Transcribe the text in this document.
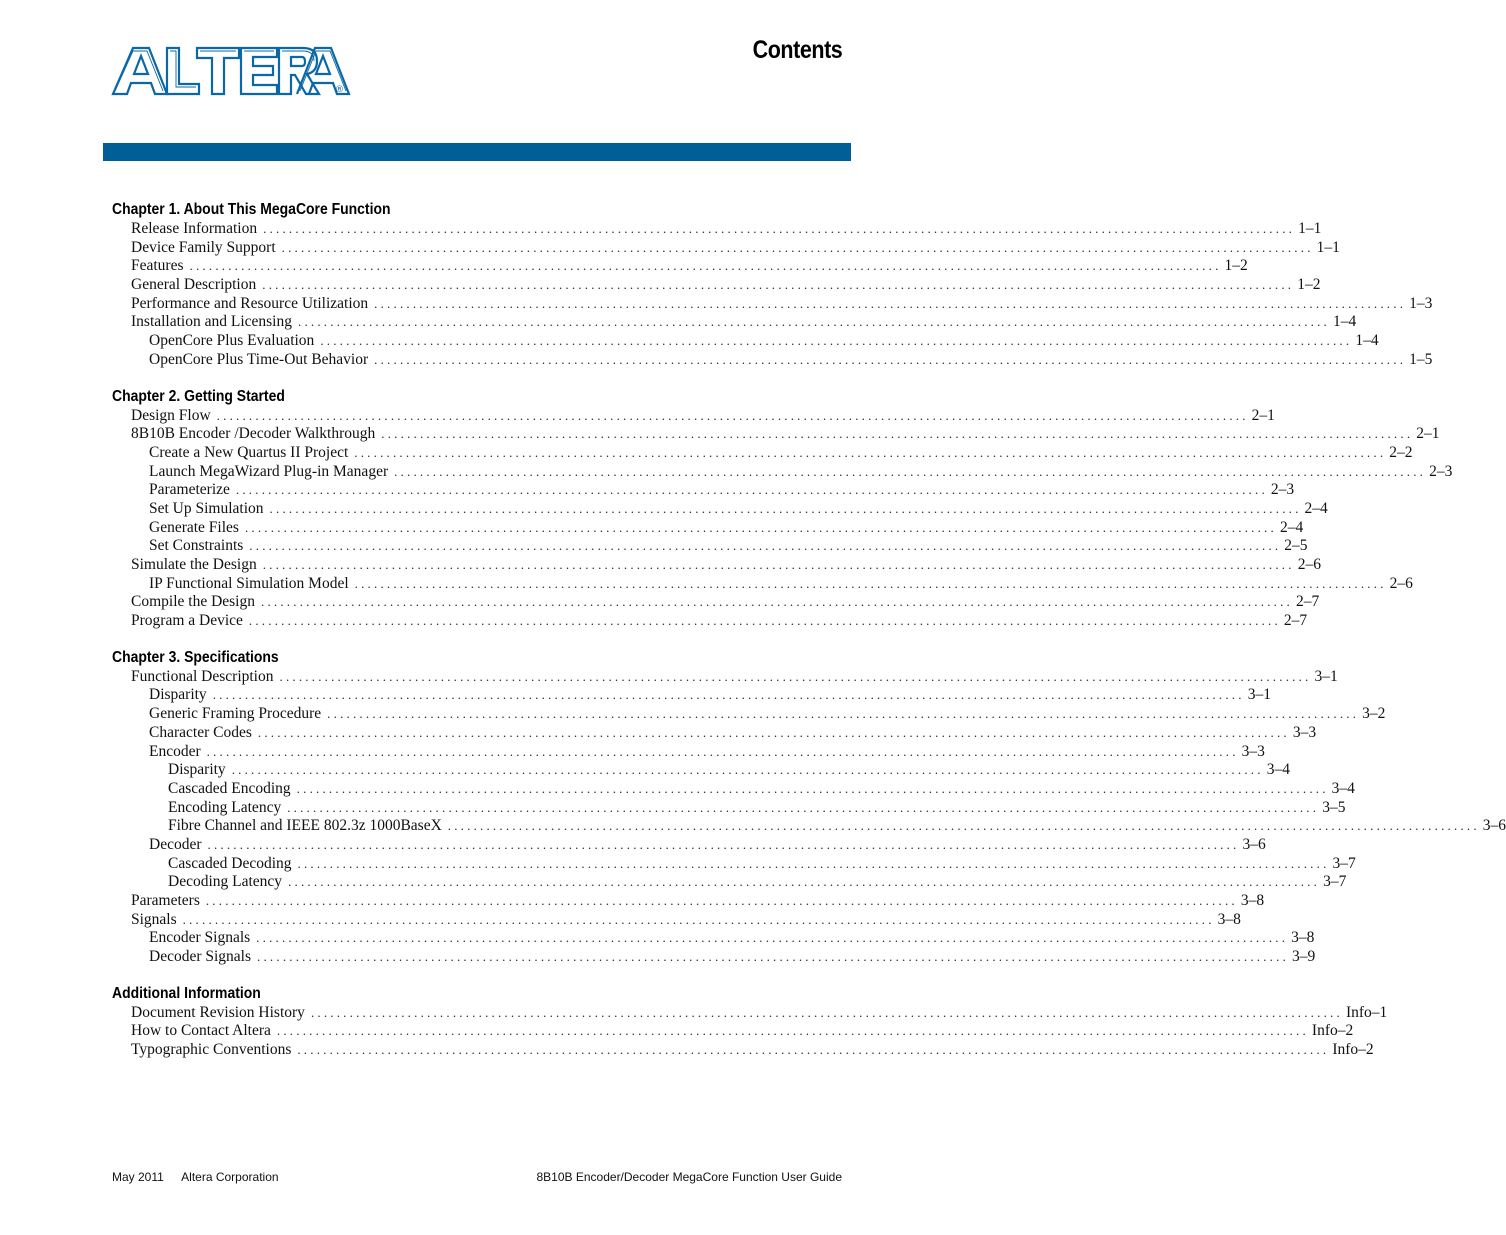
®
Contents
Chapter 1. About This MegaCore Function
Release Information ................................................................................................................................................................ 1–1
Device Family Support ................................................................................................................................................................ 1–1
Features ................................................................................................................................................................ 1–2
General Description ................................................................................................................................................................ 1–2
Performance and Resource Utilization ................................................................................................................................................................ 1–3
Installation and Licensing ................................................................................................................................................................ 1–4
OpenCore Plus Evaluation ................................................................................................................................................................ 1–4
OpenCore Plus Time-Out Behavior ................................................................................................................................................................ 1–5
Chapter 2. Getting Started
Design Flow ................................................................................................................................................................ 2–1
8B10B Encoder /Decoder Walkthrough ................................................................................................................................................................ 2–1
Create a New Quartus II Project ................................................................................................................................................................ 2–2
Launch MegaWizard Plug-in Manager ................................................................................................................................................................ 2–3
Parameterize ................................................................................................................................................................ 2–3
Set Up Simulation ................................................................................................................................................................ 2–4
Generate Files ................................................................................................................................................................ 2–4
Set Constraints ................................................................................................................................................................ 2–5
Simulate the Design ................................................................................................................................................................ 2–6
IP Functional Simulation Model ................................................................................................................................................................ 2–6
Compile the Design ................................................................................................................................................................ 2–7
Program a Device ................................................................................................................................................................ 2–7
Chapter 3. Specifications
Functional Description ................................................................................................................................................................ 3–1
Disparity ................................................................................................................................................................ 3–1
Generic Framing Procedure ................................................................................................................................................................ 3–2
Character Codes ................................................................................................................................................................ 3–3
Encoder ................................................................................................................................................................ 3–3
Disparity ................................................................................................................................................................ 3–4
Cascaded Encoding ................................................................................................................................................................ 3–4
Encoding Latency ................................................................................................................................................................ 3–5
Fibre Channel and IEEE 802.3z 1000BaseX ................................................................................................................................................................ 3–6
Decoder ................................................................................................................................................................ 3–6
Cascaded Decoding ................................................................................................................................................................ 3–7
Decoding Latency ................................................................................................................................................................ 3–7
Parameters ................................................................................................................................................................ 3–8
Signals ................................................................................................................................................................ 3–8
Encoder Signals ................................................................................................................................................................ 3–8
Decoder Signals ................................................................................................................................................................ 3–9
Additional Information
Document Revision History ................................................................................................................................................................ Info–1
How to Contact Altera ................................................................................................................................................................ Info–2
Typographic Conventions ................................................................................................................................................................ Info–2
May 2011 Altera Corporation	8B10B Encoder/Decoder MegaCore Function User Guide
